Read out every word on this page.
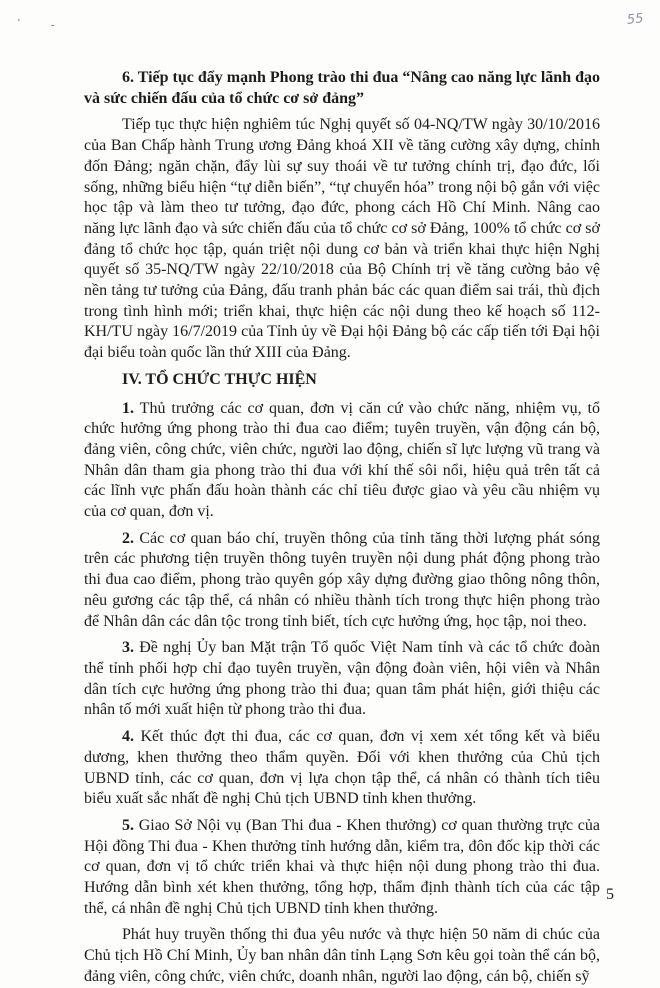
'	-	55
6. Tiếp tục đẩy mạnh Phong trào thi đua “Nâng cao năng lực lãnh đạo và sức chiến đấu của tổ chức cơ sở đảng”

Tiếp tục thực hiện nghiêm túc Nghị quyết số 04-NQ/TW ngày 30/10/2016 của Ban Chấp hành Trung ương Đảng khoá XII về tăng cường xây dựng, chỉnh đốn Đảng; ngăn chặn, đẩy lùi sự suy thoái về tư tưởng chính trị, đạo đức, lối sống, những biểu hiện “tự diễn biến”, “tự chuyển hóa” trong nội bộ gắn với việc học tập và làm theo tư tưởng, đạo đức, phong cách Hồ Chí Minh. Nâng cao năng lực lãnh đạo và sức chiến đấu của tổ chức cơ sở Đảng, 100% tổ chức cơ sở đảng tổ chức học tập, quán triệt nội dung cơ bản và triển khai thực hiện Nghị quyết số 35-NQ/TW ngày 22/10/2018 của Bộ Chính trị về tăng cường bảo vệ nền tảng tư tưởng của Đảng, đấu tranh phản bác các quan điểm sai trái, thù địch trong tình hình mới; triển khai, thực hiện các nội dung theo kế hoạch số 112-KH/TU ngày 16/7/2019 của Tỉnh ủy về Đại hội Đảng bộ các cấp tiến tới Đại hội đại biểu toàn quốc lần thứ XIII của Đảng.

IV. TỔ CHỨC THỰC HIỆN

1. Thủ trưởng các cơ quan, đơn vị căn cứ vào chức năng, nhiệm vụ, tổ chức hưởng ứng phong trào thi đua cao điểm; tuyên truyền, vận động cán bộ, đảng viên, công chức, viên chức, người lao động, chiến sĩ lực lượng vũ trang và Nhân dân tham gia phong trào thi đua với khí thế sôi nổi, hiệu quả trên tất cả các lĩnh vực phấn đấu hoàn thành các chỉ tiêu được giao và yêu cầu nhiệm vụ của cơ quan, đơn vị.

2. Các cơ quan báo chí, truyền thông của tỉnh tăng thời lượng phát sóng trên các phương tiện truyền thông tuyên truyền nội dung phát động phong trào thi đua cao điểm, phong trào quyên góp xây dựng đường giao thông nông thôn, nêu gương các tập thể, cá nhân có nhiều thành tích trong thực hiện phong trào để Nhân dân các dân tộc trong tỉnh biết, tích cực hưởng ứng, học tập, noi theo.

3. Đề nghị Ủy ban Mặt trận Tổ quốc Việt Nam tỉnh và các tổ chức đoàn thể tỉnh phối hợp chỉ đạo tuyên truyền, vận động đoàn viên, hội viên và Nhân dân tích cực hưởng ứng phong trào thi đua; quan tâm phát hiện, giới thiệu các nhân tố mới xuất hiện từ phong trào thi đua.

4. Kết thúc đợt thi đua, các cơ quan, đơn vị xem xét tổng kết và biểu dương, khen thưởng theo thẩm quyền. Đối với khen thưởng của Chủ tịch UBND tỉnh, các cơ quan, đơn vị lựa chọn tập thể, cá nhân có thành tích tiêu biểu xuất sắc nhất đề nghị Chủ tịch UBND tỉnh khen thưởng.

5. Giao Sở Nội vụ (Ban Thi đua - Khen thưởng) cơ quan thường trực của Hội đồng Thi đua - Khen thưởng tỉnh hướng dẫn, kiểm tra, đôn đốc kịp thời các cơ quan, đơn vị tổ chức triển khai và thực hiện nội dung phong trào thi đua. Hướng dẫn bình xét khen thưởng, tổng hợp, thẩm định thành tích của các tập thể, cá nhân đề nghị Chủ tịch UBND tỉnh khen thưởng.

Phát huy truyền thống thi đua yêu nước và thực hiện 50 năm di chúc của Chủ tịch Hồ Chí Minh, Ủy ban nhân dân tỉnh Lạng Sơn kêu gọi toàn thể cán bộ, đảng viên, công chức, viên chức, doanh nhân, người lao động, cán bộ, chiến sỹ

5
